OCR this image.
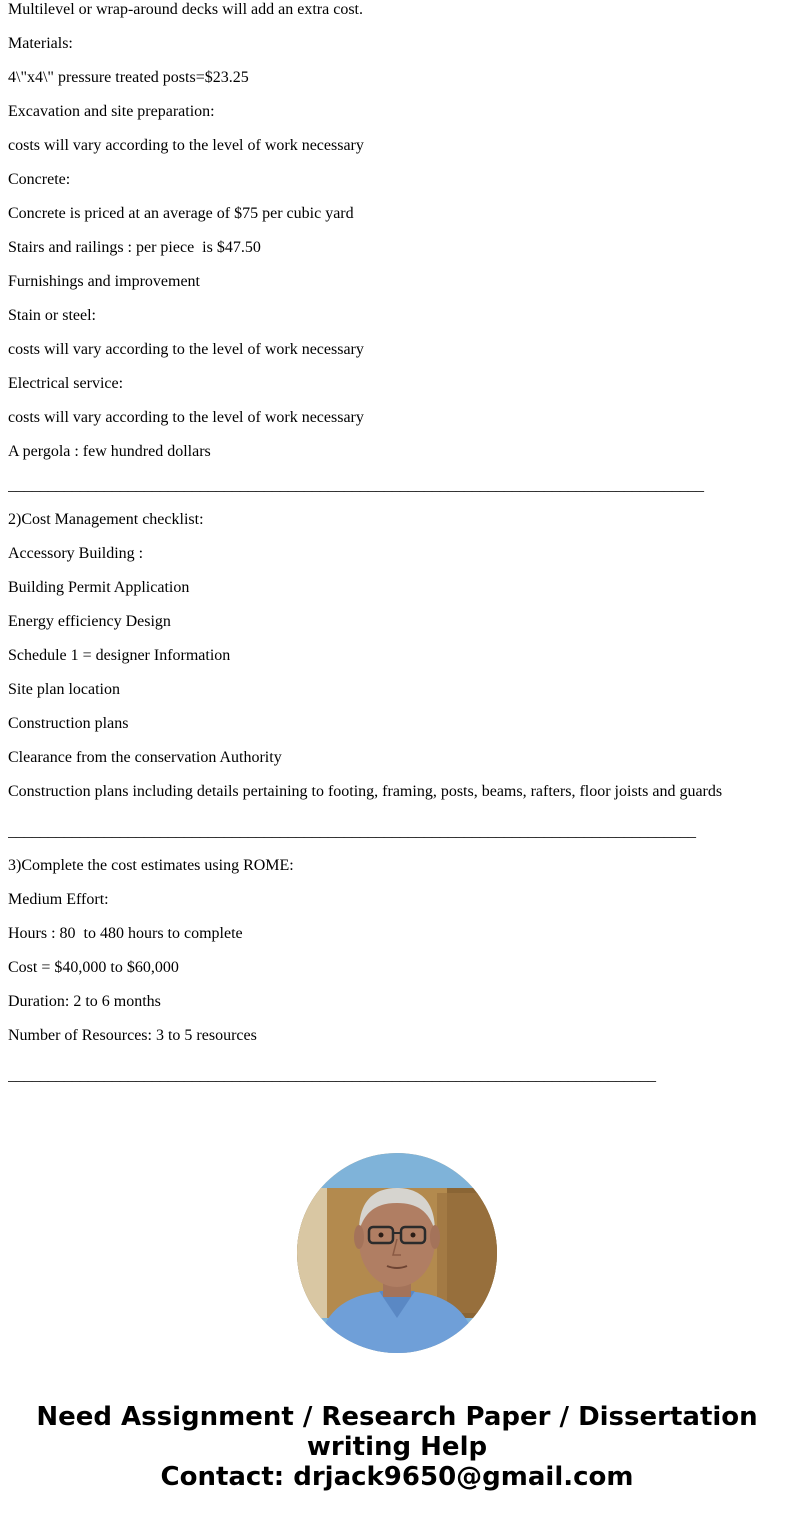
Multilevel or wrap-around decks will add an extra cost.
Materials:
4\"x4\" pressure treated posts=$23.25
Excavation and site preparation:
costs will vary according to the level of work necessary
Concrete:
Concrete is priced at an average of $75 per cubic yard
Stairs and railings : per piece  is $47.50
Furnishings and improvement
Stain or steel:
costs will vary according to the level of work necessary
Electrical service:
costs will vary according to the level of work necessary
A pergola : few hundred dollars
_______________________________________________________________________________________
2)Cost Management checklist:
Accessory Building :
Building Permit Application
Energy efficiency Design
Schedule 1 = designer Information
Site plan location
Construction plans
Clearance from the conservation Authority
Construction plans including details pertaining to footing, framing, posts, beams, rafters, floor joists and guards
______________________________________________________________________________________
3)Complete the cost estimates using ROME:
Medium Effort:
Hours : 80  to 480 hours to complete
Cost = $40,000 to $60,000
Duration: 2 to 6 months
Number of Resources: 3 to 5 resources
_________________________________________________________________________________
Need Assignment / Research Paper / Dissertation
writing Help
Contact: drjack9650@gmail.com
